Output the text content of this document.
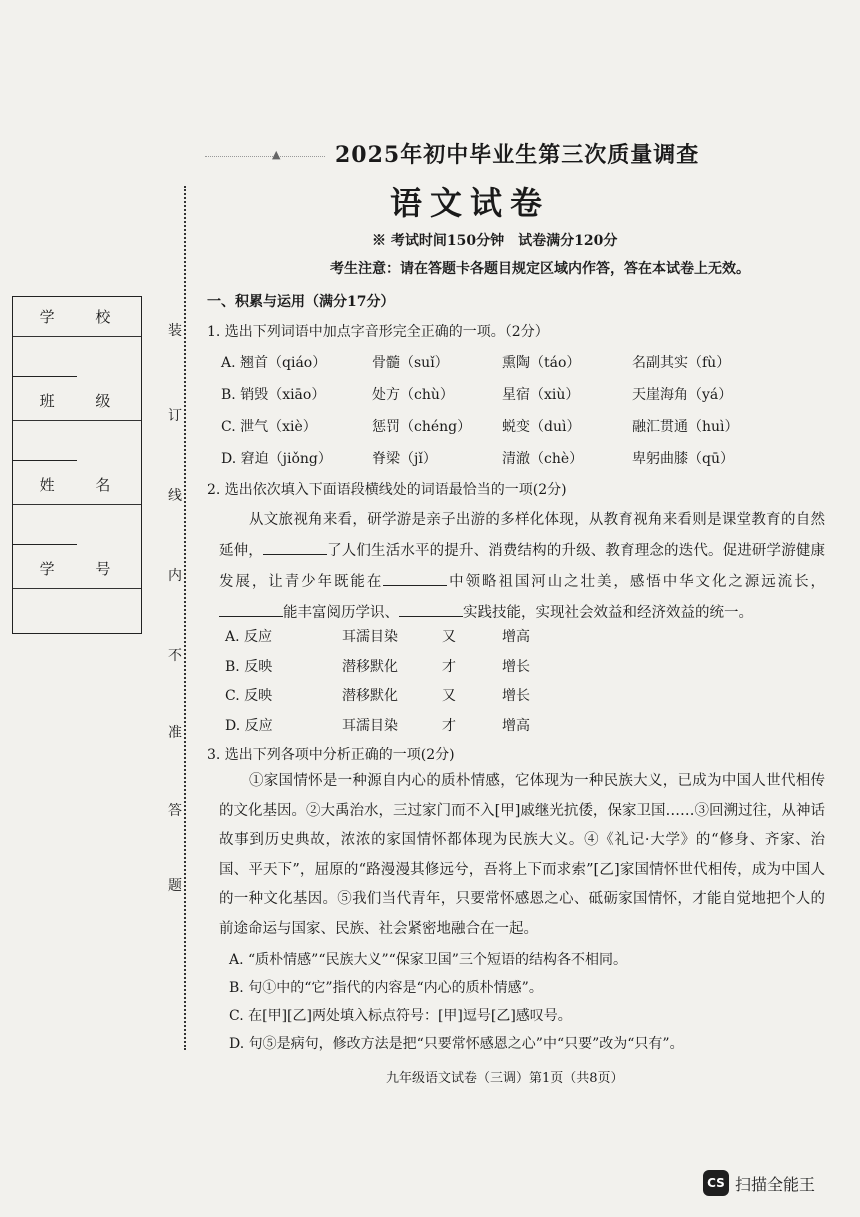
▲ 2025年初中毕业生第三次质量调查
语文试卷
※ 考试时间150分钟　试卷满分120分
考生注意：请在答题卡各题目规定区域内作答，答在本试卷上无效。
学 校
班 级
姓 名
学 号
装
订
线
内
不
准
答
题
一、积累与运用（满分17分）
1. 选出下列词语中加点字音形完全正确的一项。（2分）
A. 翘首（qiáo）	骨髓（suǐ）	熏陶（táo）	名副其实（fù）
B. 销毁（xiāo）	处方（chù）	星宿（xiù）	天崖海角（yá）
C. 泄气（xiè）	惩罚（chéng） 蜕变（duì）	融汇贯通（huì）
D. 窘迫（jiǒng）	脊梁（jǐ）	清澈（chè）	卑躬曲膝（qū）
2. 选出依次填入下面语段横线处的词语最恰当的一项(2分)
从文旅视角来看，研学游是亲子出游的多样化体现，从教育视角来看则是课堂教育的自然延伸，	了人们生活水平的提升、消费结构的升级、教育理念的迭代。促进研学游健康发展，让青少年既能在	中领略祖国河山之壮美，感悟中华文化之源远流长，能丰富阅历学识、	实践技能，实现社会效益和经济效益的统一。
A. 反应	耳濡目染	又	增高
B. 反映	潜移默化	才	增长
C. 反映	潜移默化	又	增长
D. 反应	耳濡目染	才	增高
3. 选出下列各项中分析正确的一项(2分)
①家国情怀是一种源自内心的质朴情感，它体现为一种民族大义，已成为中国人世代相传的文化基因。②大禹治水，三过家门而不入[甲]戚继光抗倭，保家卫国……③回溯过往，从神话故事到历史典故，浓浓的家国情怀都体现为民族大义。④《礼记·大学》的“修身、齐家、治国、平天下”，屈原的“路漫漫其修远兮，吾将上下而求索”[乙]家国情怀世代相传，成为中国人的一种文化基因。⑤我们当代青年，只要常怀感恩之心、砥砺家国情怀，才能自觉地把个人的前途命运与国家、民族、社会紧密地融合在一起。
A. “质朴情感”“民族大义”“保家卫国”三个短语的结构各不相同。
B. 句①中的“它”指代的内容是“内心的质朴情感”。
C. 在[甲][乙]两处填入标点符号：[甲]逗号[乙]感叹号。
D. 句⑤是病句，修改方法是把“只要常怀感恩之心”中“只要”改为“只有”。
九年级语文试卷（三调）第1页（共8页）
CS 扫描全能王
